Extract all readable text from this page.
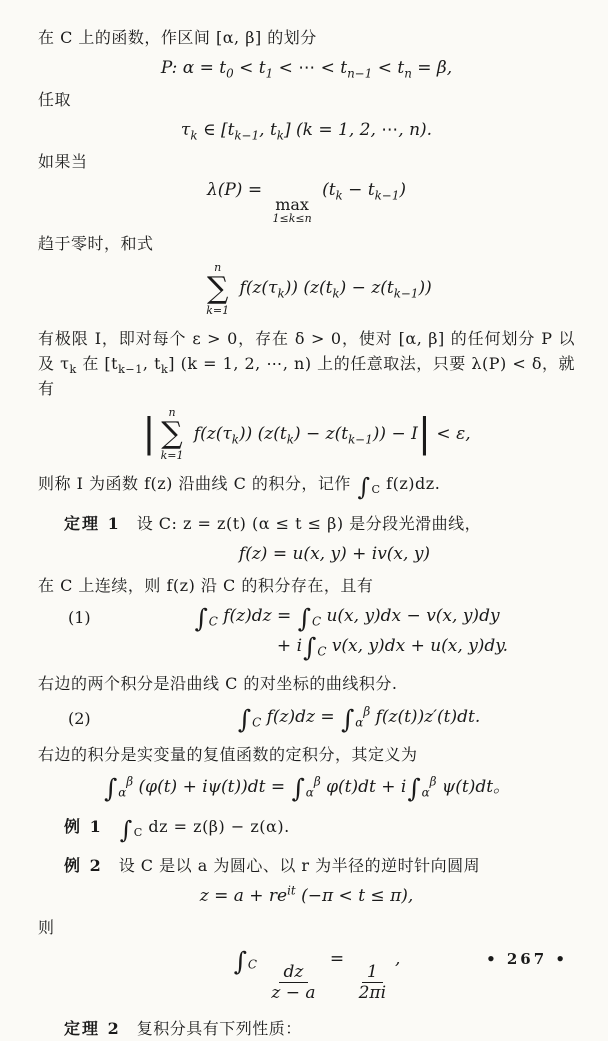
在 C 上的函数，作区间 [α, β] 的划分
P: $\alpha = t_0 < t_1$ < ⋯ < $t_{n-1} < t_n = \beta$,
任取
$\tau_k$ ∈ [$t_{k-1}$, $t_k$] (k = 1, 2, ⋯, n).
如果当
λ(P) =
max
1≤k≤n
$(t_k - t_{k-1})$
趋于零时，和式
n
∑
k=1
$f(z(\tau_k)) (z(t_k) - z(t_{k-1}))$
有极限 I，即对每个 ε > 0，存在 δ > 0，使对 [α, β] 的任何划分 P 以及 $\tau_k$ 在 [$t_{k-1}$, $t_k$] (k = 1, 2, ⋯, n) 上的任意取法，只要 λ(P) < δ，就有
| n
∑
k=1
$f(z(\tau_k)) (z(t_k) - z(t_{k-1})) - I| < \varepsilon$,
则称 I 为函数 f(z) 沿曲线 C 的积分，记作 $\int_C$ f(z)dz.
定理 1 设 C: z = z(t) (α ≤ t ≤ β) 是分段光滑曲线，
f(z) = u(x, y) + iv(x, y)
在 C 上连续，则 f(z) 沿 C 的积分存在，且有
(1)	$\int_C$ $f(z)dz = \int_C$ u(x, y)dx − v(x, y)dy
+ $i\int_C$ v(x, y)dx + u(x, y)dy.
右边的两个积分是沿曲线 C 的对坐标的曲线积分.
(2)	$\int_C$ $f(z)dz = \int_\alpha^\beta$ f(z(t))z′(t)dt.
右边的积分是实变量的复值函数的定积分，其定义为
$\int_\alpha^\beta$ $(\varphi(t) + i\psi(t))dt = \int_\alpha^\beta$ $\varphi(t)dt + i\int_\alpha^\beta$ ψ(t)dt。
例 1 $\int_C$ dz = z(β) − z(α).
例 2 设 C 是以 a 为圆心、以 r 为半径的逆时针向圆周
$z = a + re^{it}$ (−π < t ≤ π),
则
$\int_C \frac{dz}{z - a}$
=
$\frac{1}{2\pi i}$
,
定理 2 复积分具有下列性质：
• 267 •
